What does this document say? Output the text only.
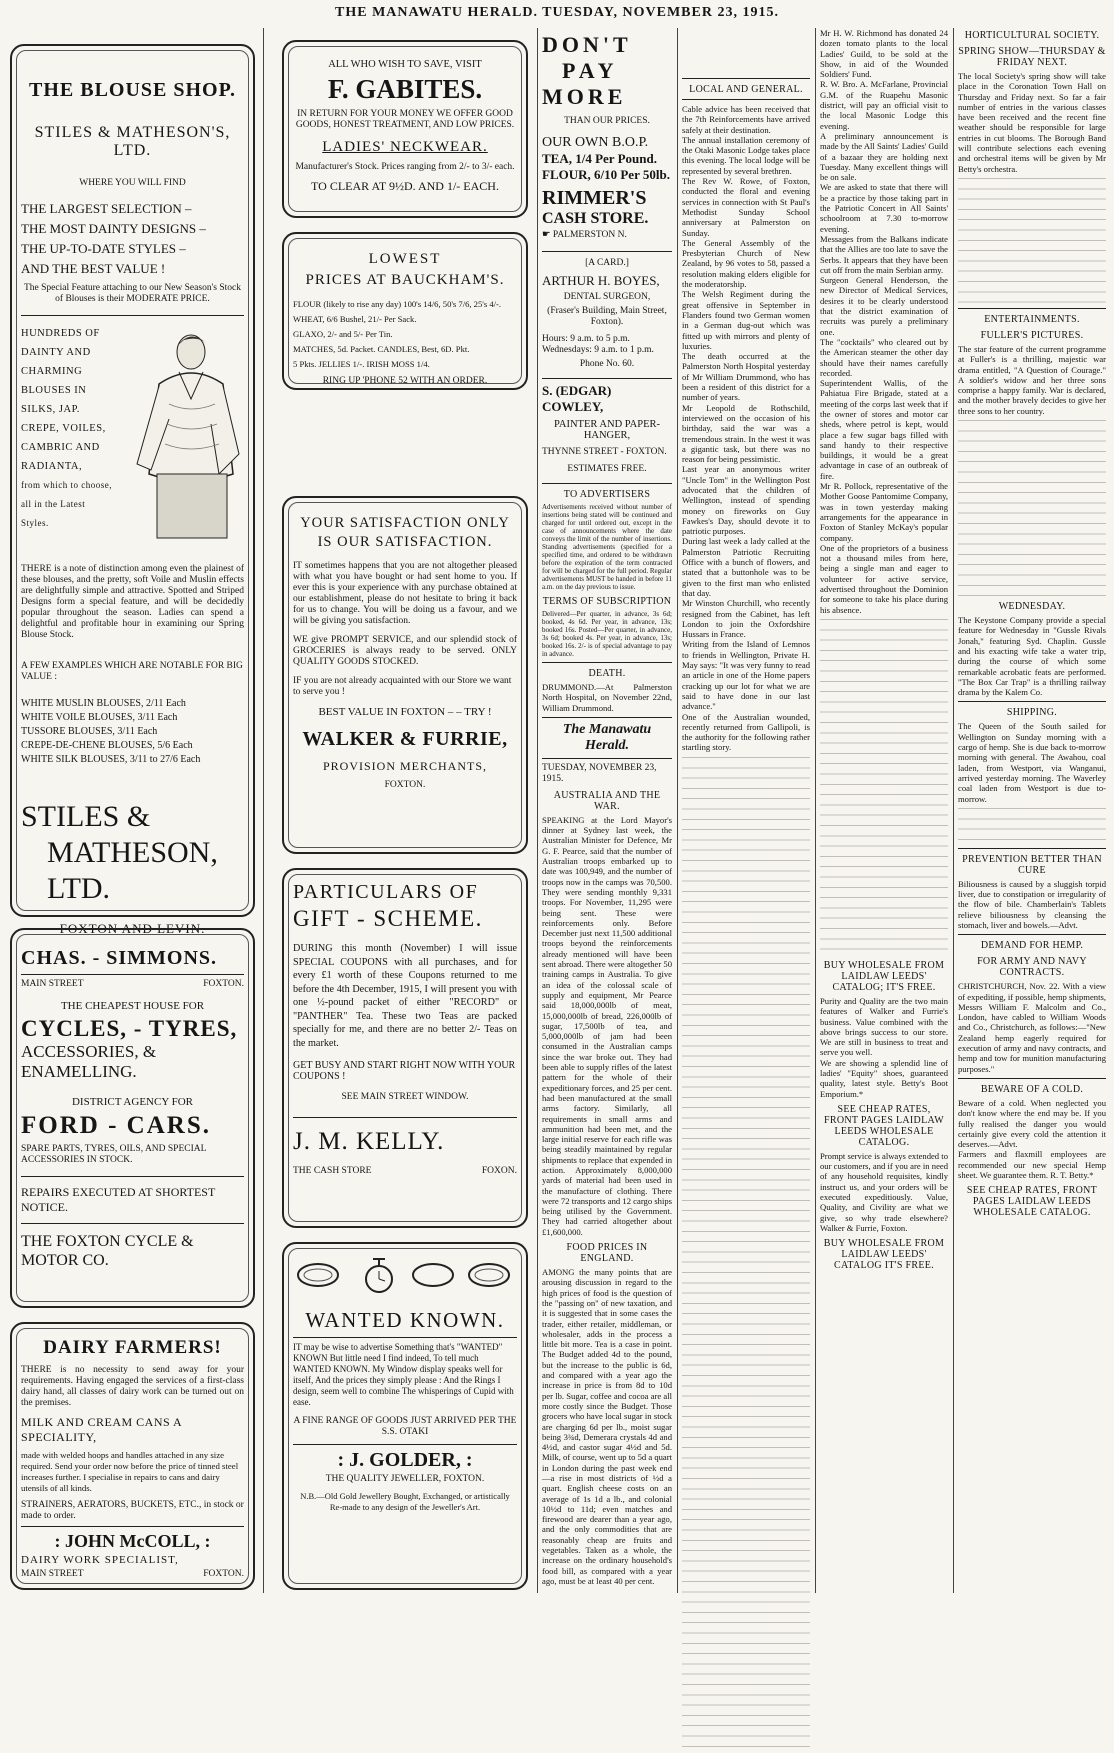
THE MANAWATU HERALD. TUESDAY, NOVEMBER 23, 1915.
THE BLOUSE SHOP.
STILES & MATHESON'S, LTD.
WHERE YOU WILL FIND
THE LARGEST SELECTION –
THE MOST DAINTY DESIGNS –
THE UP-TO-DATE STYLES –
AND THE BEST VALUE !
The Special Feature attaching to our New Season's Stock of Blouses is their MODERATE PRICE.
HUNDREDS OF
DAINTY AND
CHARMING
BLOUSES IN
SILKS, JAP.
CREPE, VOILES,
CAMBRIC AND
RADIANTA,
from which to choose,
all in the Latest
Styles.
THERE is a note of distinction among even the plainest of these blouses, and the pretty, soft Voile and Muslin effects are delightfully simple and attractive. Spotted and Striped Designs form a special feature, and will be decidedly popular throughout the season. Ladies can spend a delightful and profitable hour in examining our Spring Blouse Stock.
A FEW EXAMPLES WHICH ARE NOTABLE FOR BIG VALUE :
WHITE MUSLIN BLOUSES, 2/11 Each
WHITE VOILE BLOUSES, 3/11 Each
TUSSORE BLOUSES, 3/11 Each
CREPE-DE-CHENE BLOUSES, 5/6 Each
WHITE SILK BLOUSES, 3/11 to 27/6 Each
STILES &
MATHESON, LTD.
FOXTON AND LEVIN.
CHAS. - SIMMONS.
MAIN STREET	FOXTON.
THE CHEAPEST HOUSE FOR
CYCLES, - TYRES,
ACCESSORIES, & ENAMELLING.
DISTRICT AGENCY FOR
FORD - CARS.
SPARE PARTS, TYRES, OILS, AND SPECIAL ACCESSORIES IN STOCK.
REPAIRS EXECUTED AT SHORTEST NOTICE.
THE FOXTON CYCLE & MOTOR CO.
DAIRY FARMERS!
THERE is no necessity to send away for your requirements. Having engaged the services of a first-class dairy hand, all classes of dairy work can be turned out on the premises.
MILK AND CREAM CANS A SPECIALITY,
made with welded hoops and handles attached in any size required. Send your order now before the price of tinned steel increases further. I specialise in repairs to cans and dairy utensils of all kinds.
STRAINERS, AERATORS, BUCKETS, ETC., in stock or made to order.
: JOHN McCOLL, :
DAIRY WORK SPECIALIST,
MAIN STREET	FOXTON.
ALL WHO WISH TO SAVE, VISIT
F. GABITES.
IN RETURN FOR YOUR MONEY WE OFFER GOOD GOODS, HONEST TREATMENT, AND LOW PRICES.
LADIES' NECKWEAR.
Manufacturer's Stock. Prices ranging from 2/- to 3/- each.
TO CLEAR AT 9½D. AND 1/- EACH.
LOWEST
PRICES AT BAUCKHAM'S.
FLOUR (likely to rise any day) 100's 14/6, 50's 7/6, 25's 4/-.
WHEAT, 6/6 Bushel, 21/- Per Sack.
GLAXO, 2/- and 5/- Per Tin.
MATCHES, 5d. Packet. CANDLES, Best, 6D. Pkt.
5 Pkts. JELLIES 1/-. IRISH MOSS 1/4.
RING UP 'PHONE 52 WITH AN ORDER.
YOUR SATISFACTION ONLY
IS OUR SATISFACTION.
IT sometimes happens that you are not altogether pleased with what you have bought or had sent home to you. If ever this is your experience with any purchase obtained at our establishment, please do not hesitate to bring it back for us to change. You will be doing us a favour, and we will be giving you satisfaction.
WE give PROMPT SERVICE, and our splendid stock of GROCERIES is always ready to be served. ONLY QUALITY GOODS STOCKED.
IF you are not already acquainted with our Store we want to serve you !
BEST VALUE IN FOXTON – – TRY !
WALKER & FURRIE,
PROVISION MERCHANTS,
FOXTON.
PARTICULARS OF
GIFT - SCHEME.
DURING this month (November) I will issue SPECIAL COUPONS with all purchases, and for every £1 worth of these Coupons returned to me before the 4th December, 1915, I will present you with one ½-pound packet of either "RECORD" or "PANTHER" Tea. These two Teas are packed specially for me, and there are no better 2/- Teas on the market.
GET BUSY AND START RIGHT NOW WITH YOUR COUPONS !
SEE MAIN STREET WINDOW.
J. M. KELLY.
THE CASH STORE	FOXON.
WANTED KNOWN.
IT may be wise to advertise Something that's "WANTED" KNOWN But little need I find indeed, To tell much WANTED KNOWN. My Window display speaks well for itself, And the prices they simply please : And the Rings I design, seem well to combine The whisperings of Cupid with ease.
A FINE RANGE OF GOODS JUST ARRIVED PER THE S.S. OTAKI
: J. GOLDER, :
THE QUALITY JEWELLER, FOXTON.
N.B.—Old Gold Jewellery Bought, Exchanged, or artistically Re-made to any design of the Jeweller's Art.
DON'T
PAY
MORE
THAN OUR PRICES.
OUR OWN B.O.P.
TEA, 1/4 Per Pound.
FLOUR, 6/10 Per 50lb.
RIMMER'S
CASH STORE.
☛ PALMERSTON N.
[A CARD.]
ARTHUR H. BOYES,
DENTAL SURGEON,
(Fraser's Building, Main Street, Foxton).
Hours: 9 a.m. to 5 p.m. Wednesdays: 9 a.m. to 1 p.m.
Phone No. 60.
S. (EDGAR) COWLEY,
PAINTER AND PAPER-HANGER,
THYNNE STREET - FOXTON.
ESTIMATES FREE.
TO ADVERTISERS
Advertisements received without number of insertions being stated will be continued and charged for until ordered out, except in the case of announcements where the date conveys the limit of the number of insertions. Standing advertisements (specified for a specified time, and ordered to be withdrawn before the expiration of the term contracted for will be charged for the full period. Regular advertisements MUST be handed in before 11 a.m. on the day previous to issue.
TERMS OF SUBSCRIPTION
Delivered—Per quarter, in advance, 3s 6d; booked, 4s 6d. Per year, in advance, 13s; booked 16s. Posted—Per quarter, in advance, 3s 6d; booked 4s. Per year, in advance, 13s; booked 16s. 2/- is of special advantage to pay in advance.
DEATH.
DRUMMOND.—At Palmerston North Hospital, on November 22nd, William Drummond.
The Manawatu Herald.
TUESDAY, NOVEMBER 23, 1915.
AUSTRALIA AND THE WAR.
SPEAKING at the Lord Mayor's dinner at Sydney last week, the Australian Minister for Defence, Mr G. F. Pearce, said that the number of Australian troops embarked up to date was 100,949, and the number of troops now in the camps was 70,500. They were sending monthly 9,331 troops. For November, 11,295 were being sent. These were reinforcements only. Before December just next 11,500 additional troops beyond the reinforcements already mentioned will have been sent abroad. There were altogether 50 training camps in Australia. To give an idea of the colossal scale of supply and equipment, Mr Pearce said 18,000,000lb of meat, 15,000,000lb of bread, 226,000lb of sugar, 17,500lb of tea, and 5,000,000lb of jam had been consumed in the Australian camps since the war broke out. They had been able to supply rifles of the latest pattern for the whole of their expeditionary forces, and 25 per cent. had been manufactured at the small arms factory. Similarly, all requirements in small arms and ammunition had been met, and the large initial reserve for each rifle was being steadily maintained by regular shipments to replace that expended in action. Approximately 8,000,000 yards of material had been used in the manufacture of clothing. There were 72 transports and 12 cargo ships being utilised by the Government. They had carried altogether about £1,600,000.
FOOD PRICES IN ENGLAND.
AMONG the many points that are arousing discussion in regard to the high prices of food is the question of the "passing on" of new taxation, and it is suggested that in some cases the trader, either retailer, middleman, or wholesaler, adds in the process a little bit more. Tea is a case in point. The Budget added 4d to the pound, but the increase to the public is 6d, and compared with a year ago the increase in price is from 8d to 10d per lb. Sugar, coffee and cocoa are all more costly since the Budget. Those grocers who have local sugar in stock are charging 6d per lb., moist sugar being 3¾d, Demerara crystals 4d and 4½d, and castor sugar 4½d and 5d. Milk, of course, went up to 5d a quart in London during the past week end—a rise in most districts of ½d a quart. English cheese costs on an average of 1s 1d a lb., and colonial 10½d to 11d; even matches and firewood are dearer than a year ago, and the only commodities that are reasonably cheap are fruits and vegetables. Taken as a whole, the increase on the ordinary household's food bill, as compared with a year ago, must be at least 40 per cent.
LOCAL AND GENERAL.
Cable advice has been received that the 7th Reinforcements have arrived safely at their destination.
The annual installation ceremony of the Otaki Masonic Lodge takes place this evening. The local lodge will be represented by several brethren.
The Rev W. Rowe, of Foxton, conducted the floral and evening services in connection with St Paul's Methodist Sunday School anniversary at Palmerston on Sunday.
The General Assembly of the Presbyterian Church of New Zealand, by 96 votes to 58, passed a resolution making elders eligible for the moderatorship.
The Welsh Regiment during the great offensive in September in Flanders found two German women in a German dug-out which was fitted up with mirrors and plenty of luxuries.
The death occurred at the Palmerston North Hospital yesterday of Mr William Drummond, who has been a resident of this district for a number of years.
Mr Leopold de Rothschild, interviewed on the occasion of his birthday, said the war was a tremendous strain. In the west it was a gigantic task, but there was no reason for being pessimistic.
Last year an anonymous writer "Uncle Tom" in the Wellington Post advocated that the children of Wellington, instead of spending money on fireworks on Guy Fawkes's Day, should devote it to patriotic purposes.
During last week a lady called at the Palmerston Patriotic Recruiting Office with a bunch of flowers, and stated that a buttonhole was to be given to the first man who enlisted that day.
Mr Winston Churchill, who recently resigned from the Cabinet, has left London to join the Oxfordshire Hussars in France.
Writing from the Island of Lemnos to friends in Wellington, Private H. May says: "It was very funny to read an article in one of the Home papers cracking up our lot for what we are said to have done in our last advance."
One of the Australian wounded, recently returned from Gallipoli, is the authority for the following rather startling story.
Mr H. W. Richmond has donated 24 dozen tomato plants to the local Ladies' Guild, to be sold at the Show, in aid of the Wounded Soldiers' Fund.
R. W. Bro. A. McFarlane, Provincial G.M. of the Ruapehu Masonic district, will pay an official visit to the local Masonic Lodge this evening.
A preliminary announcement is made by the All Saints' Ladies' Guild of a bazaar they are holding next Tuesday. Many excellent things will be on sale.
We are asked to state that there will be a practice by those taking part in the Patriotic Concert in All Saints' schoolroom at 7.30 to-morrow evening.
Messages from the Balkans indicate that the Allies are too late to save the Serbs. It appears that they have been cut off from the main Serbian army.
Surgeon General Henderson, the new Director of Medical Services, desires it to be clearly understood that the district examination of recruits was purely a preliminary one.
The "cocktails" who cleared out by the American steamer the other day should have their names carefully recorded.
Superintendent Wallis, of the Pahiatua Fire Brigade, stated at a meeting of the corps last week that if the owner of stores and motor car sheds, where petrol is kept, would place a few sugar bags filled with sand handy to their respective buildings, it would be a great advantage in case of an outbreak of fire.
Mr R. Pollock, representative of the Mother Goose Pantomime Company, was in town yesterday making arrangements for the appearance in Foxton of Stanley McKay's popular company.
One of the proprietors of a business not a thousand miles from here, being a single man and eager to volunteer for active service, advertised throughout the Dominion for someone to take his place during his absence.
BUY WHOLESALE FROM LAIDLAW LEEDS' CATALOG; IT'S FREE.
Purity and Quality are the two main features of Walker and Furrie's business. Value combined with the above brings success to our store. We are still in business to treat and serve you well.
We are showing a splendid line of ladies' "Equity" shoes, guaranteed quality, latest style. Betty's Boot Emporium.*
SEE CHEAP RATES, FRONT PAGES LAIDLAW LEEDS WHOLESALE CATALOG.
Prompt service is always extended to our customers, and if you are in need of any household requisites, kindly instruct us, and your orders will be executed expeditiously. Value, Quality, and Civility are what we give, so why trade elsewhere? Walker & Furrie, Foxton.
BUY WHOLESALE FROM LAIDLAW LEEDS' CATALOG IT'S FREE.
HORTICULTURAL SOCIETY.
SPRING SHOW—THURSDAY & FRIDAY NEXT.
The local Society's spring show will take place in the Coronation Town Hall on Thursday and Friday next. So far a fair number of entries in the various classes have been received and the recent fine weather should be responsible for large entries in cut blooms. The Borough Band will contribute selections each evening and orchestral items will be given by Mr Betty's orchestra.
ENTERTAINMENTS.
FULLER'S PICTURES.
The star feature of the current programme at Fuller's is a thrilling, majestic war drama entitled, "A Question of Courage." A soldier's widow and her three sons comprise a happy family. War is declared, and the mother bravely decides to give her three sons to her country.
WEDNESDAY.
The Keystone Company provide a special feature for Wednesday in "Gussle Rivals Jonah," featuring Syd. Chaplin. Gussle and his exacting wife take a water trip, during the course of which some remarkable acrobatic feats are performed. "The Box Car Trap" is a thrilling railway drama by the Kalem Co.
SHIPPING.
The Queen of the South sailed for Wellington on Sunday morning with a cargo of hemp. She is due back to-morrow morning with general. The Awahou, coal laden, from Westport, via Wanganui, arrived yesterday morning. The Waverley coal laden from Westport is due to-morrow.
PREVENTION BETTER THAN CURE
Biliousness is caused by a sluggish torpid liver, due to constipation or irregularity of the flow of bile. Chamberlain's Tablets relieve biliousness by cleansing the stomach, liver and bowels.—Advt.
DEMAND FOR HEMP.
FOR ARMY AND NAVY CONTRACTS.
CHRISTCHURCH, Nov. 22. With a view of expediting, if possible, hemp shipments, Messrs William F. Malcolm and Co., London, have cabled to William Woods and Co., Christchurch, as follows:—"New Zealand hemp eagerly required for execution of army and navy contracts, and hemp and tow for munition manufacturing purposes."
BEWARE OF A COLD.
Beware of a cold. When neglected you don't know where the end may be. If you fully realised the danger you would certainly give every cold the attention it deserves.—Advt.
Farmers and flaxmill employees are recommended our new special Hemp sheet. We guarantee them. R. T. Betty.*
SEE CHEAP RATES, FRONT PAGES LAIDLAW LEEDS WHOLESALE CATALOG.
